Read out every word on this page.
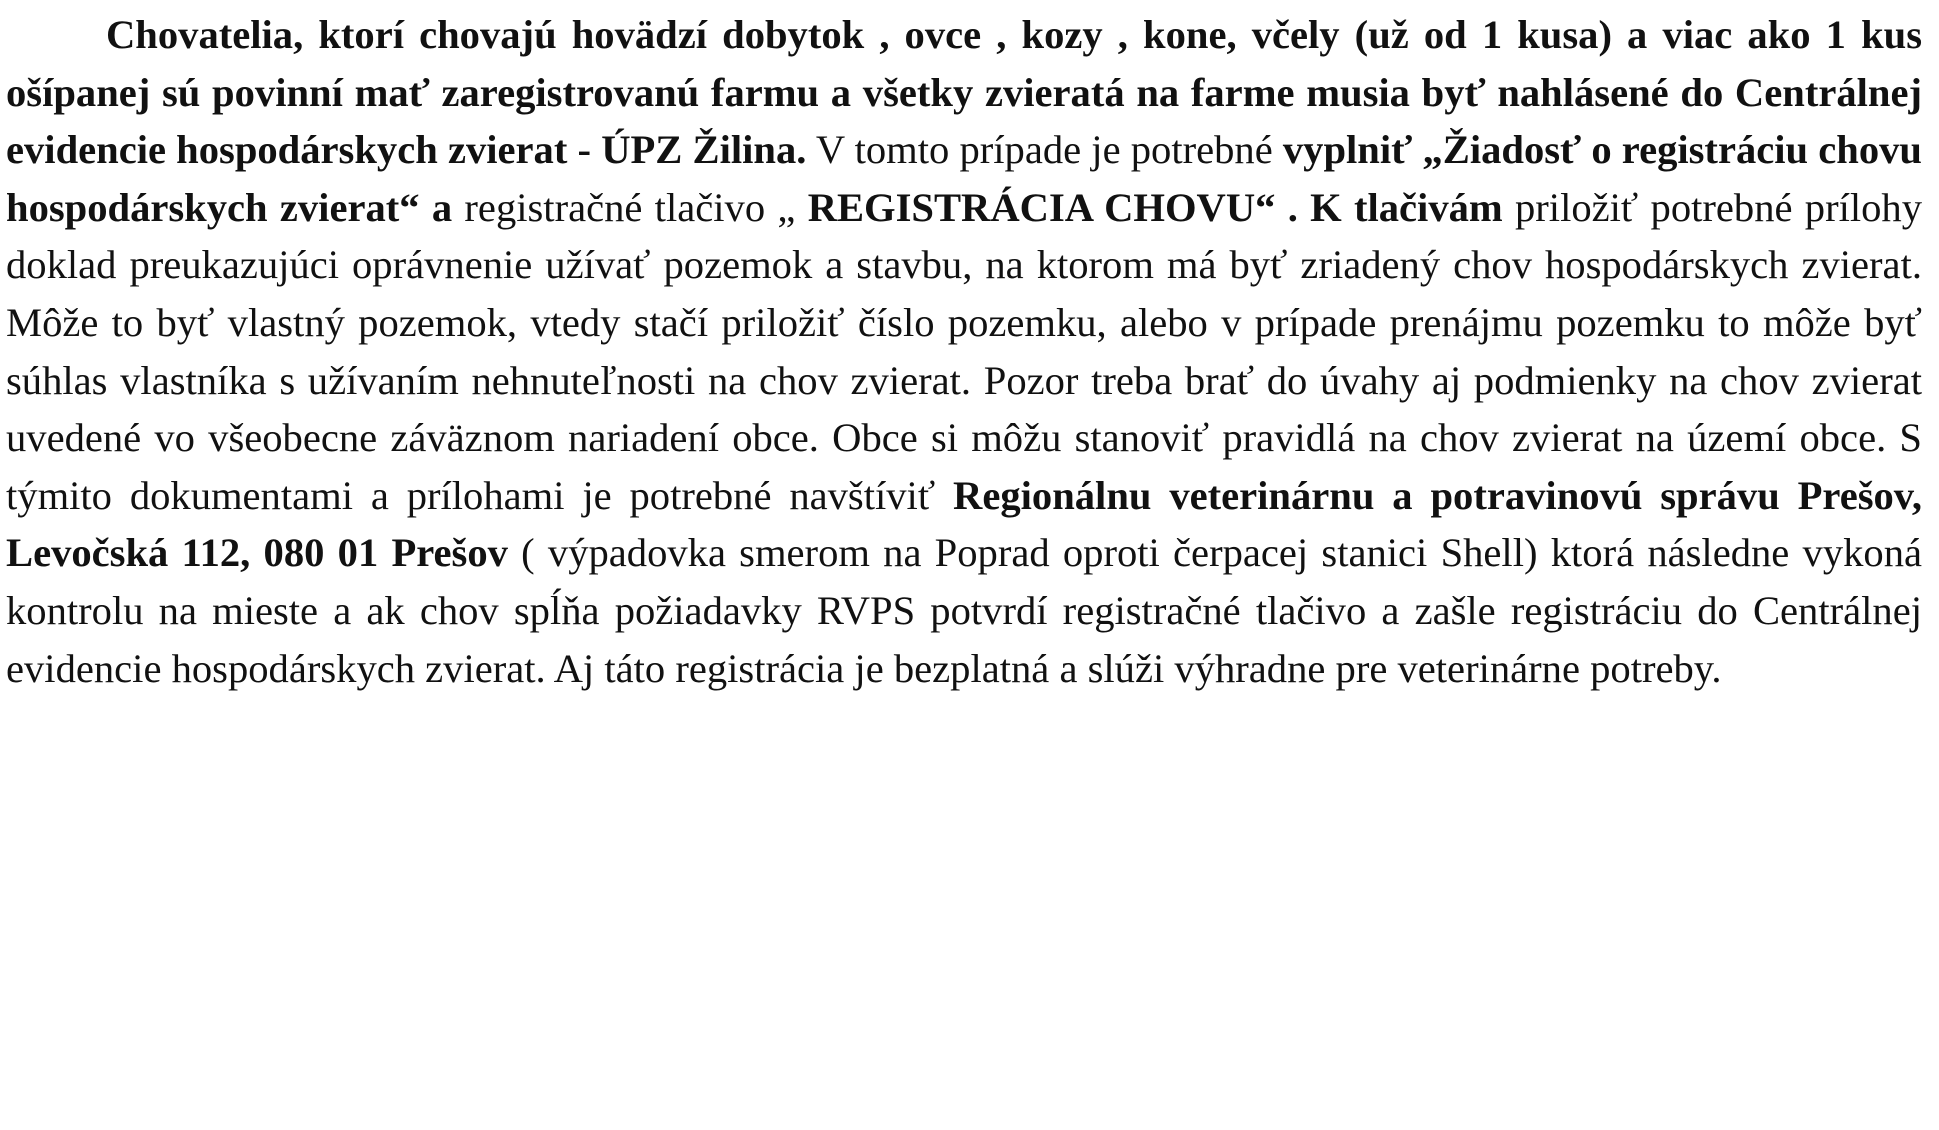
Chovatelia, ktorí chovajú hovädzí dobytok , ovce , kozy , kone, včely (už od 1 kusa) a viac ako 1 kus ošípanej sú povinní mať zaregistrovanú farmu a všetky zvieratá na farme musia byť nahlásené do Centrálnej evidencie hospodárskych zvierat - ÚPZ Žilina. V tomto prípade je potrebné vyplniť „Žiadosť o registráciu chovu hospodárskych zvierat“ a registračné tlačivo „ REGISTRÁCIA CHOVU“ . K tlačivám priložiť potrebné prílohy doklad preukazujúci oprávnenie užívať pozemok a stavbu, na ktorom má byť zriadený chov hospodárskych zvierat. Môže to byť vlastný pozemok, vtedy stačí priložiť číslo pozemku, alebo v prípade prenájmu pozemku to môže byť súhlas vlastníka s užívaním nehnuteľnosti na chov zvierat. Pozor treba brať do úvahy aj podmienky na chov zvierat uvedené vo všeobecne záväznom nariadení obce. Obce si môžu stanoviť pravidlá na chov zvierat na území obce. S týmito dokumentami a prílohami je potrebné navštíviť Regionálnu veterinárnu a potravinovú správu Prešov, Levočská 112, 080 01 Prešov ( výpadovka smerom na Poprad oproti čerpacej stanici Shell) ktorá následne vykoná kontrolu na mieste a ak chov spĺňa požiadavky RVPS potvrdí registračné tlačivo a zašle registráciu do Centrálnej evidencie hospodárskych zvierat. Aj táto registrácia je bezplatná a slúži výhradne pre veterinárne potreby.
